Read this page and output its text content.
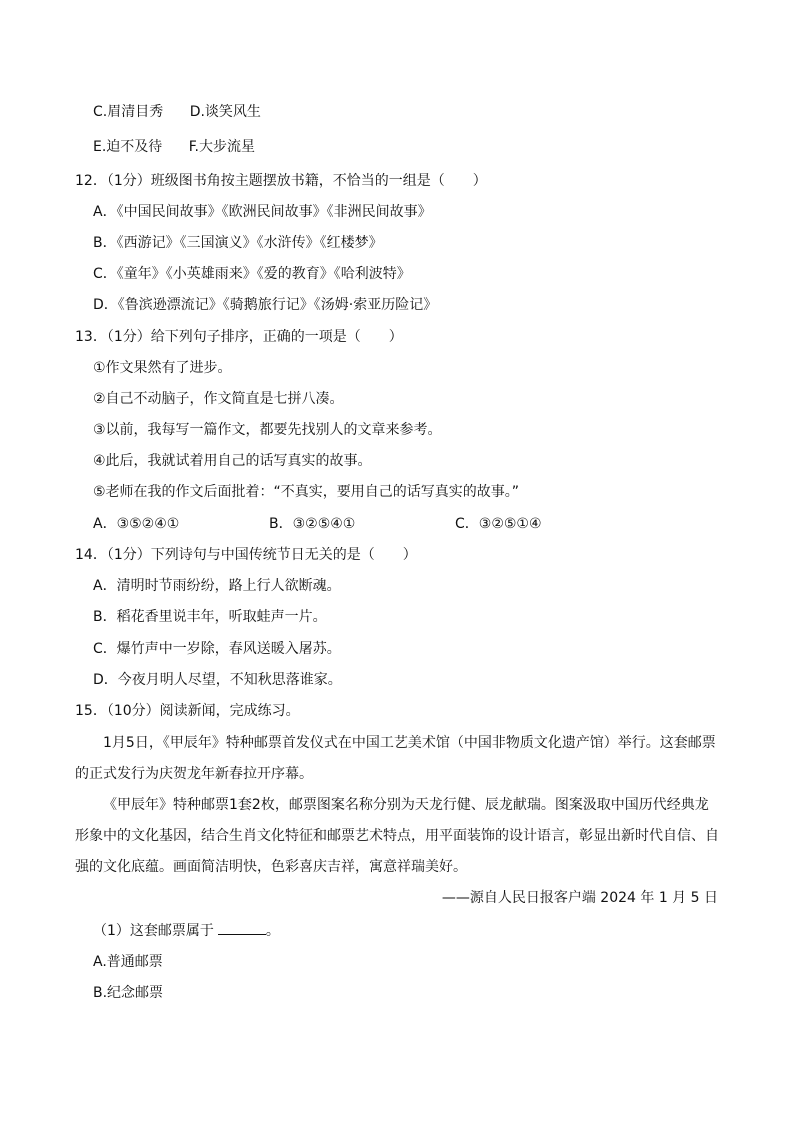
C.眉清目秀 D.谈笑风生
E.迫不及待 F.大步流星
12．（1分）班级图书角按主题摆放书籍，不恰当的一组是（　　）
A．《中国民间故事》《欧洲民间故事》《非洲民间故事》
B．《西游记》《三国演义》《水浒传》《红楼梦》
C．《童年》《小英雄雨来》《爱的教育》《哈利波特》
D．《鲁滨逊漂流记》《骑鹅旅行记》《汤姆·索亚历险记》
13．（1分）给下列句子排序，正确的一项是（　　）
①作文果然有了进步。
②自己不动脑子，作文简直是七拼八凑。
③以前，我每写一篇作文，都要先找别人的文章来参考。
④此后，我就试着用自己的话写真实的故事。
⑤老师在我的作文后面批着：“不真实，要用自己的话写真实的故事。”
A．③⑤②④①	B．③②⑤④①	C．③②⑤①④
14．（1分）下列诗句与中国传统节日无关的是（　　）
A．清明时节雨纷纷，路上行人欲断魂。
B．稻花香里说丰年，听取蛙声一片。
C．爆竹声中一岁除，春风送暖入屠苏。
D．今夜月明人尽望，不知秋思落谁家。
15．（10分）阅读新闻，完成练习。
1月5日，《甲辰年》特种邮票首发仪式在中国工艺美术馆（中国非物质文化遗产馆）举行。这套邮票的正式发行为庆贺龙年新春拉开序幕。
《甲辰年》特种邮票1套2枚，邮票图案名称分别为天龙行健、辰龙献瑞。图案汲取中国历代经典龙形象中的文化基因，结合生肖文化特征和邮票艺术特点，用平面装饰的设计语言，彰显出新时代自信、自强的文化底蕴。画面简洁明快，色彩喜庆吉祥，寓意祥瑞美好。
——源自人民日报客户端 2024 年 1 月 5 日
（1）这套邮票属于	。
A.普通邮票
B.纪念邮票
